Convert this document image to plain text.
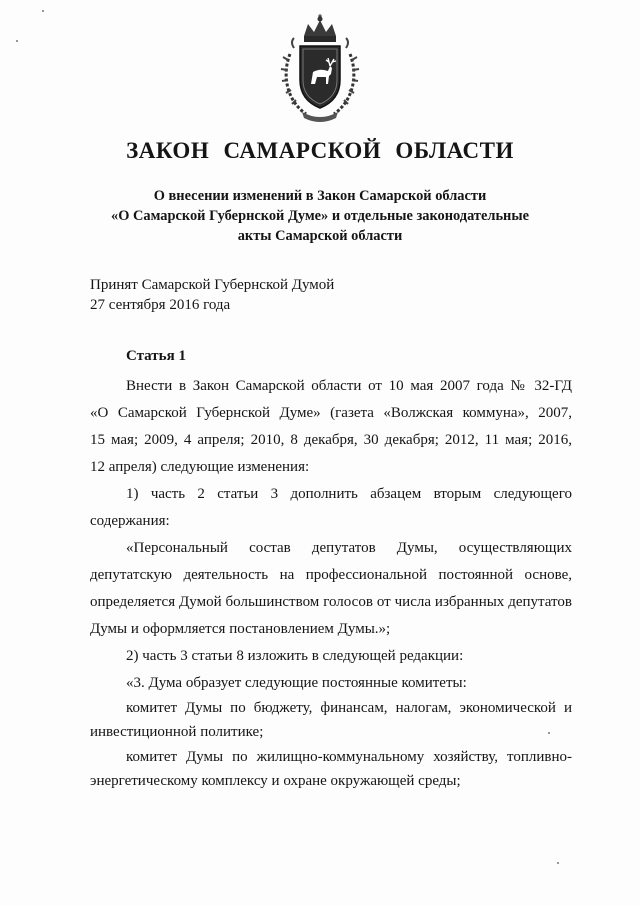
ЗАКОН САМАРСКОЙ ОБЛАСТИ
О внесении изменений в Закон Самарской области
«О Самарской Губернской Думе» и отдельные законодательные
акты Самарской области
Принят Самарской Губернской Думой
27 сентября 2016 года
Статья 1
Внести в Закон Самарской области от 10 мая 2007 года № 32-ГД
«О Самарской Губернской Думе» (газета «Волжская коммуна», 2007,
15 мая; 2009, 4 апреля; 2010, 8 декабря, 30 декабря; 2012, 11 мая; 2016,
12 апреля) следующие изменения:
1) часть 2 статьи 3 дополнить абзацем вторым следующего
содержания:
«Персональный состав депутатов Думы, осуществляющих
депутатскую деятельность на профессиональной постоянной основе,
определяется Думой большинством голосов от числа избранных депутатов
Думы и оформляется постановлением Думы.»;
2) часть 3 статьи 8 изложить в следующей редакции:
«3. Дума образует следующие постоянные комитеты:
комитет Думы по бюджету, финансам, налогам, экономической и
инвестиционной политике;
комитет Думы по жилищно-коммунальному хозяйству, топливно-
энергетическому комплексу и охране окружающей среды;
